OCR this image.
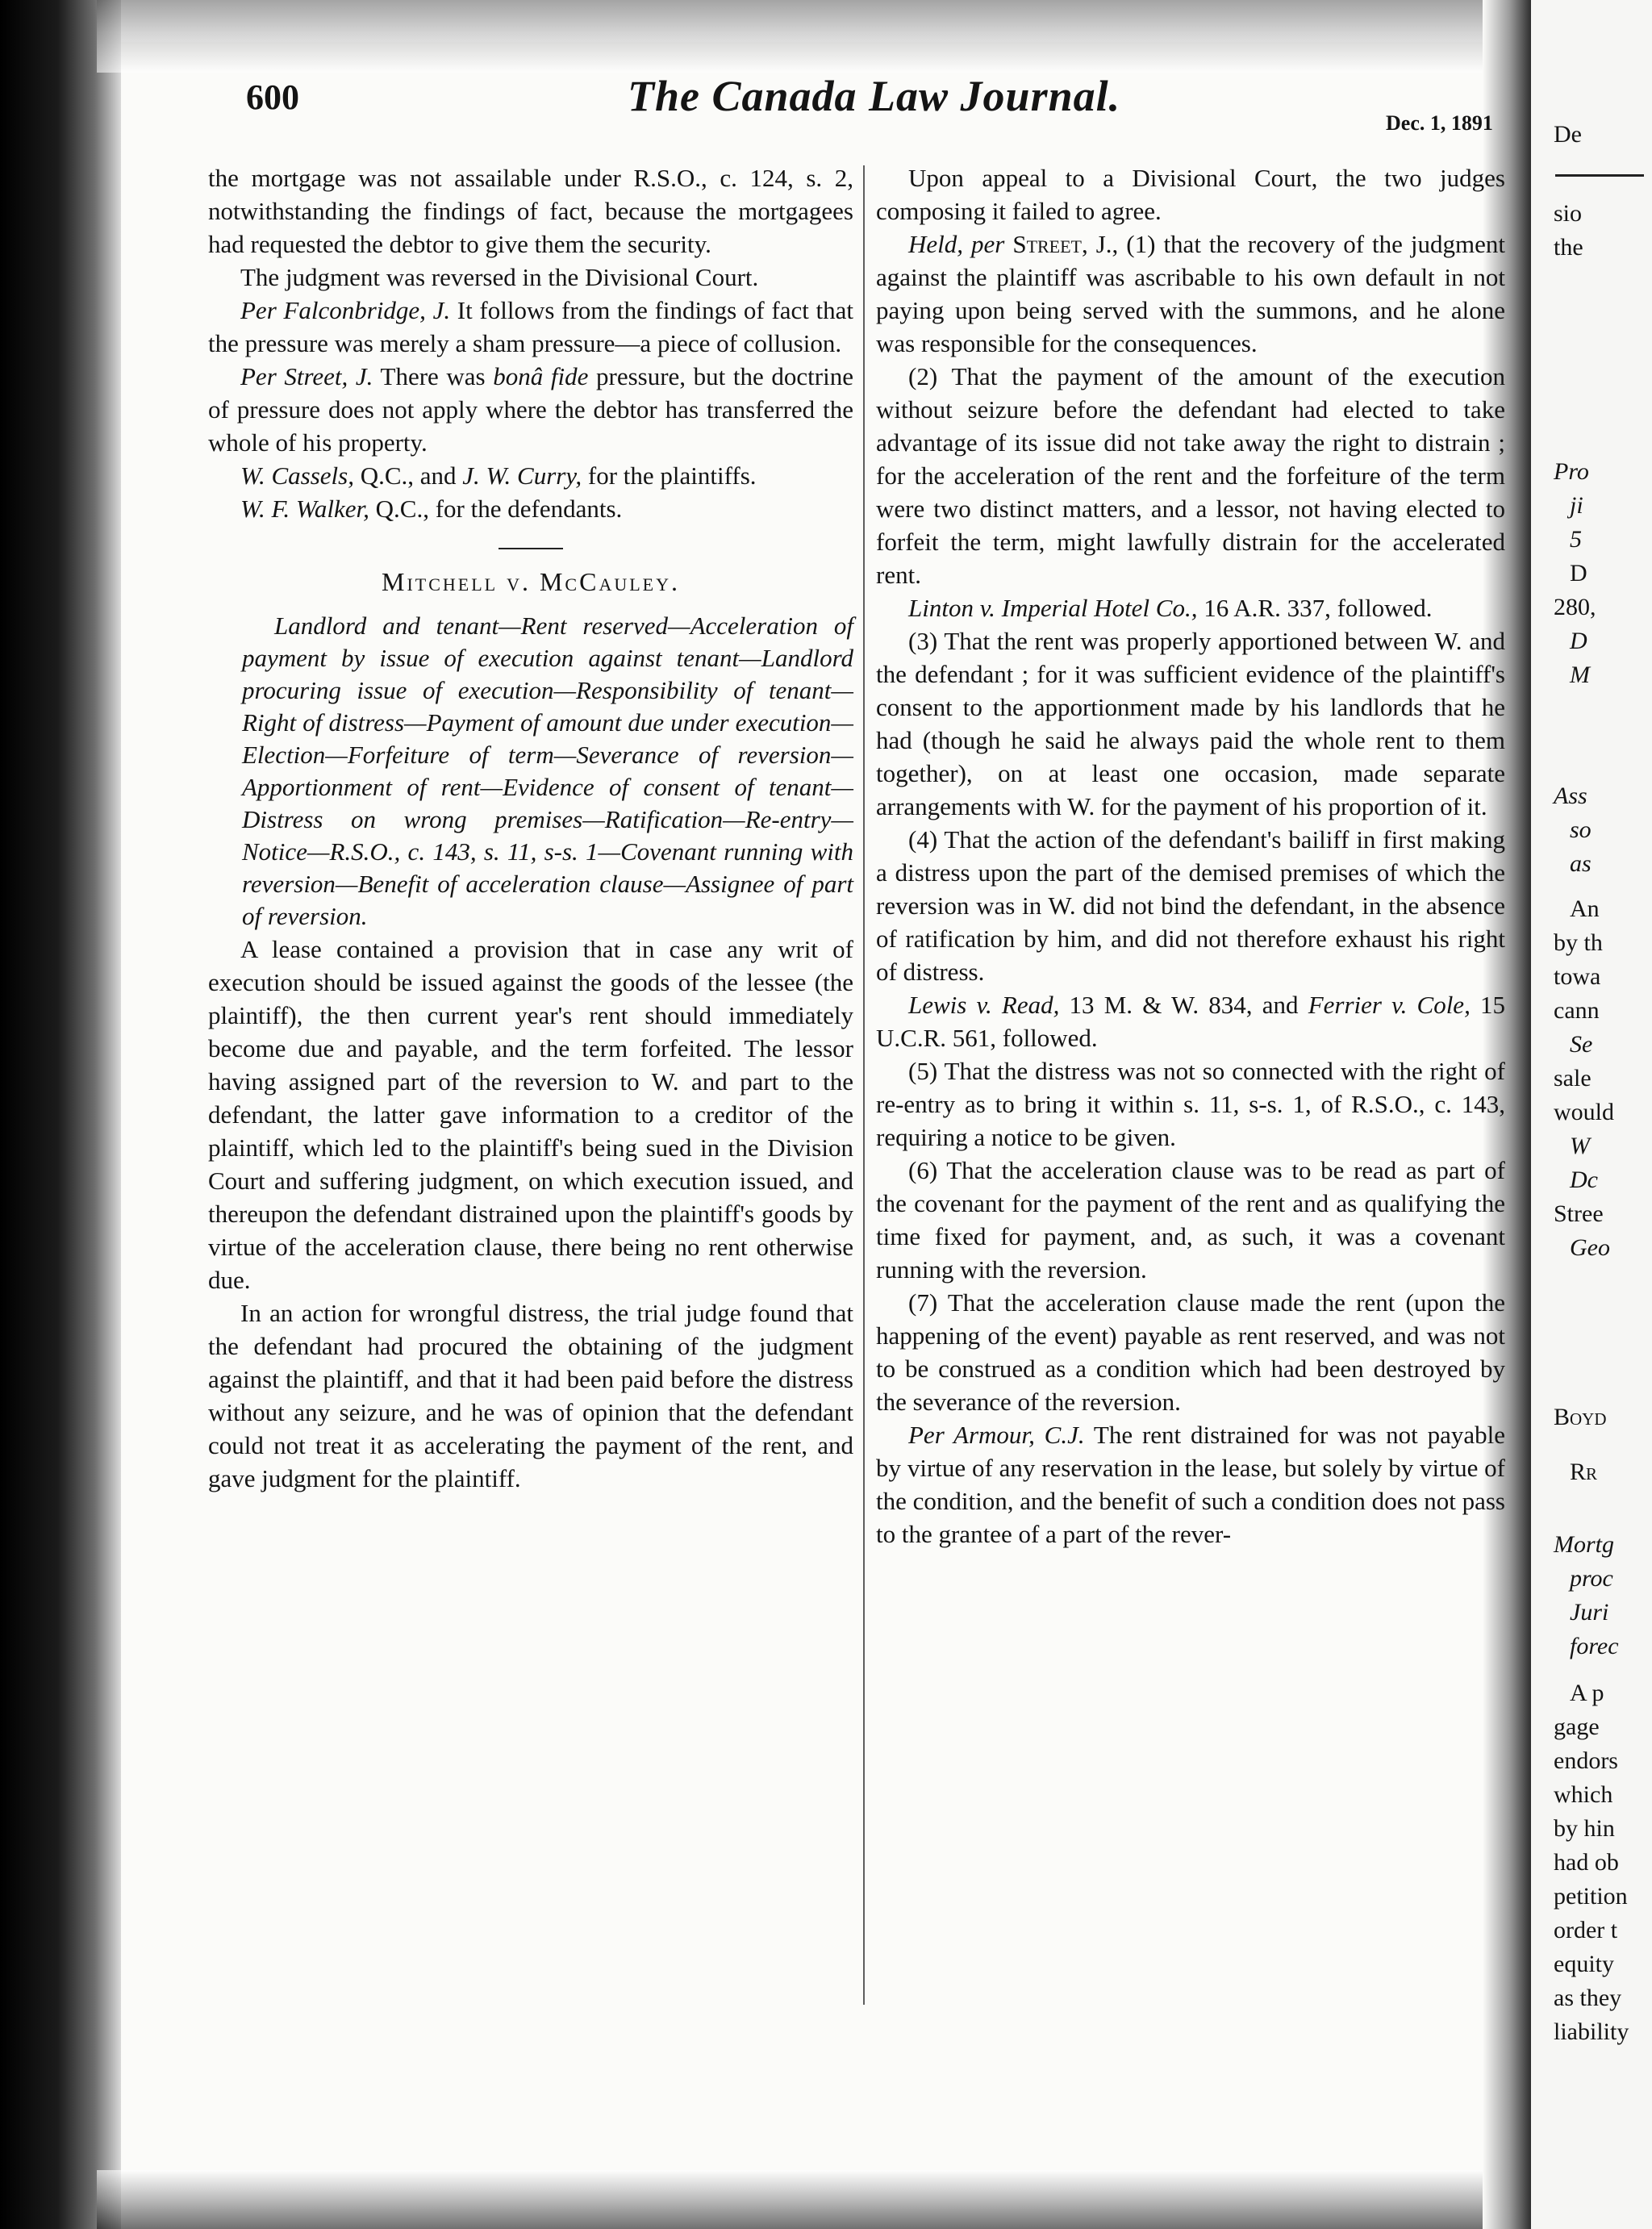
De
sio
the
Pro
ji
5
D
280,
D
M
Ass
so
as
An
by th
towa
cann
Se
sale
would
W
Dc
Stree
Geo
Boyd
Rr
Mortg
proc
Juri
forec
A p
gage
endors
which
by hin
had ob
petition
order t
equity
as they
liability
600	The Canada Law Journal.
Dec. 1, 1891

the mortgage was not assailable under R.S.O., c. 124, s. 2, notwithstanding the findings of fact, because the mortgagees had requested the debtor to give them the security.

The judgment was reversed in the Divisional Court.

Per Falconbridge, J. It follows from the findings of fact that the pressure was merely a sham pressure—a piece of collusion.

Per Street, J. There was bonâ fide pressure, but the doctrine of pressure does not apply where the debtor has transferred the whole of his property.

W. Cassels, Q.C., and J. W. Curry, for the plaintiffs.

W. F. Walker, Q.C., for the defendants.

Mitchell v. McCauley.

Landlord and tenant—Rent reserved—Acceleration of payment by issue of execution against tenant—Landlord procuring issue of execution—Responsibility of tenant—Right of distress—Payment of amount due under execution—Election—Forfeiture of term—Severance of reversion—Apportionment of rent—Evidence of consent of tenant—Distress on wrong premises—Ratification—Re-entry—Notice—R.S.O., c. 143, s. 11, s-s. 1—Covenant running with reversion—Benefit of acceleration clause—Assignee of part of reversion.

A lease contained a provision that in case any writ of execution should be issued against the goods of the lessee (the plaintiff), the then current year's rent should immediately become due and payable, and the term forfeited. The lessor having assigned part of the reversion to W. and part to the defendant, the latter gave information to a creditor of the plaintiff, which led to the plaintiff's being sued in the Division Court and suffering judgment, on which execution issued, and thereupon the defendant distrained upon the plaintiff's goods by virtue of the acceleration clause, there being no rent otherwise due.

In an action for wrongful distress, the trial judge found that the defendant had procured the obtaining of the judgment against the plaintiff, and that it had been paid before the distress without any seizure, and he was of opinion that the defendant could not treat it as accelerating the payment of the rent, and gave judgment for the plaintiff.

Upon appeal to a Divisional Court, the two judges composing it failed to agree.

Held, per Street, J., (1) that the recovery of the judgment against the plaintiff was ascribable to his own default in not paying upon being served with the summons, and he alone was responsible for the consequences.

(2) That the payment of the amount of the execution without seizure before the defendant had elected to take advantage of its issue did not take away the right to distrain ; for the acceleration of the rent and the forfeiture of the term were two distinct matters, and a lessor, not having elected to forfeit the term, might lawfully distrain for the accelerated rent.

Linton v. Imperial Hotel Co., 16 A.R. 337, followed.

(3) That the rent was properly apportioned between W. and the defendant ; for it was sufficient evidence of the plaintiff's consent to the apportionment made by his landlords that he had (though he said he always paid the whole rent to them together), on at least one occasion, made separate arrangements with W. for the payment of his proportion of it.

(4) That the action of the defendant's bailiff in first making a distress upon the part of the demised premises of which the reversion was in W. did not bind the defendant, in the absence of ratification by him, and did not therefore exhaust his right of distress.

Lewis v. Read, 13 M. & W. 834, and Ferrier v. Cole, 15 U.C.R. 561, followed.

(5) That the distress was not so connected with the right of re-entry as to bring it within s. 11, s-s. 1, of R.S.O., c. 143, requiring a notice to be given.

(6) That the acceleration clause was to be read as part of the covenant for the payment of the rent and as qualifying the time fixed for payment, and, as such, it was a covenant running with the reversion.

(7) That the acceleration clause made the rent (upon the happening of the event) payable as rent reserved, and was not to be construed as a condition which had been destroyed by the severance of the reversion.

Per Armour, C.J. The rent distrained for was not payable by virtue of any reservation in the lease, but solely by virtue of the condition, and the benefit of such a condition does not pass to the grantee of a part of the rever-
